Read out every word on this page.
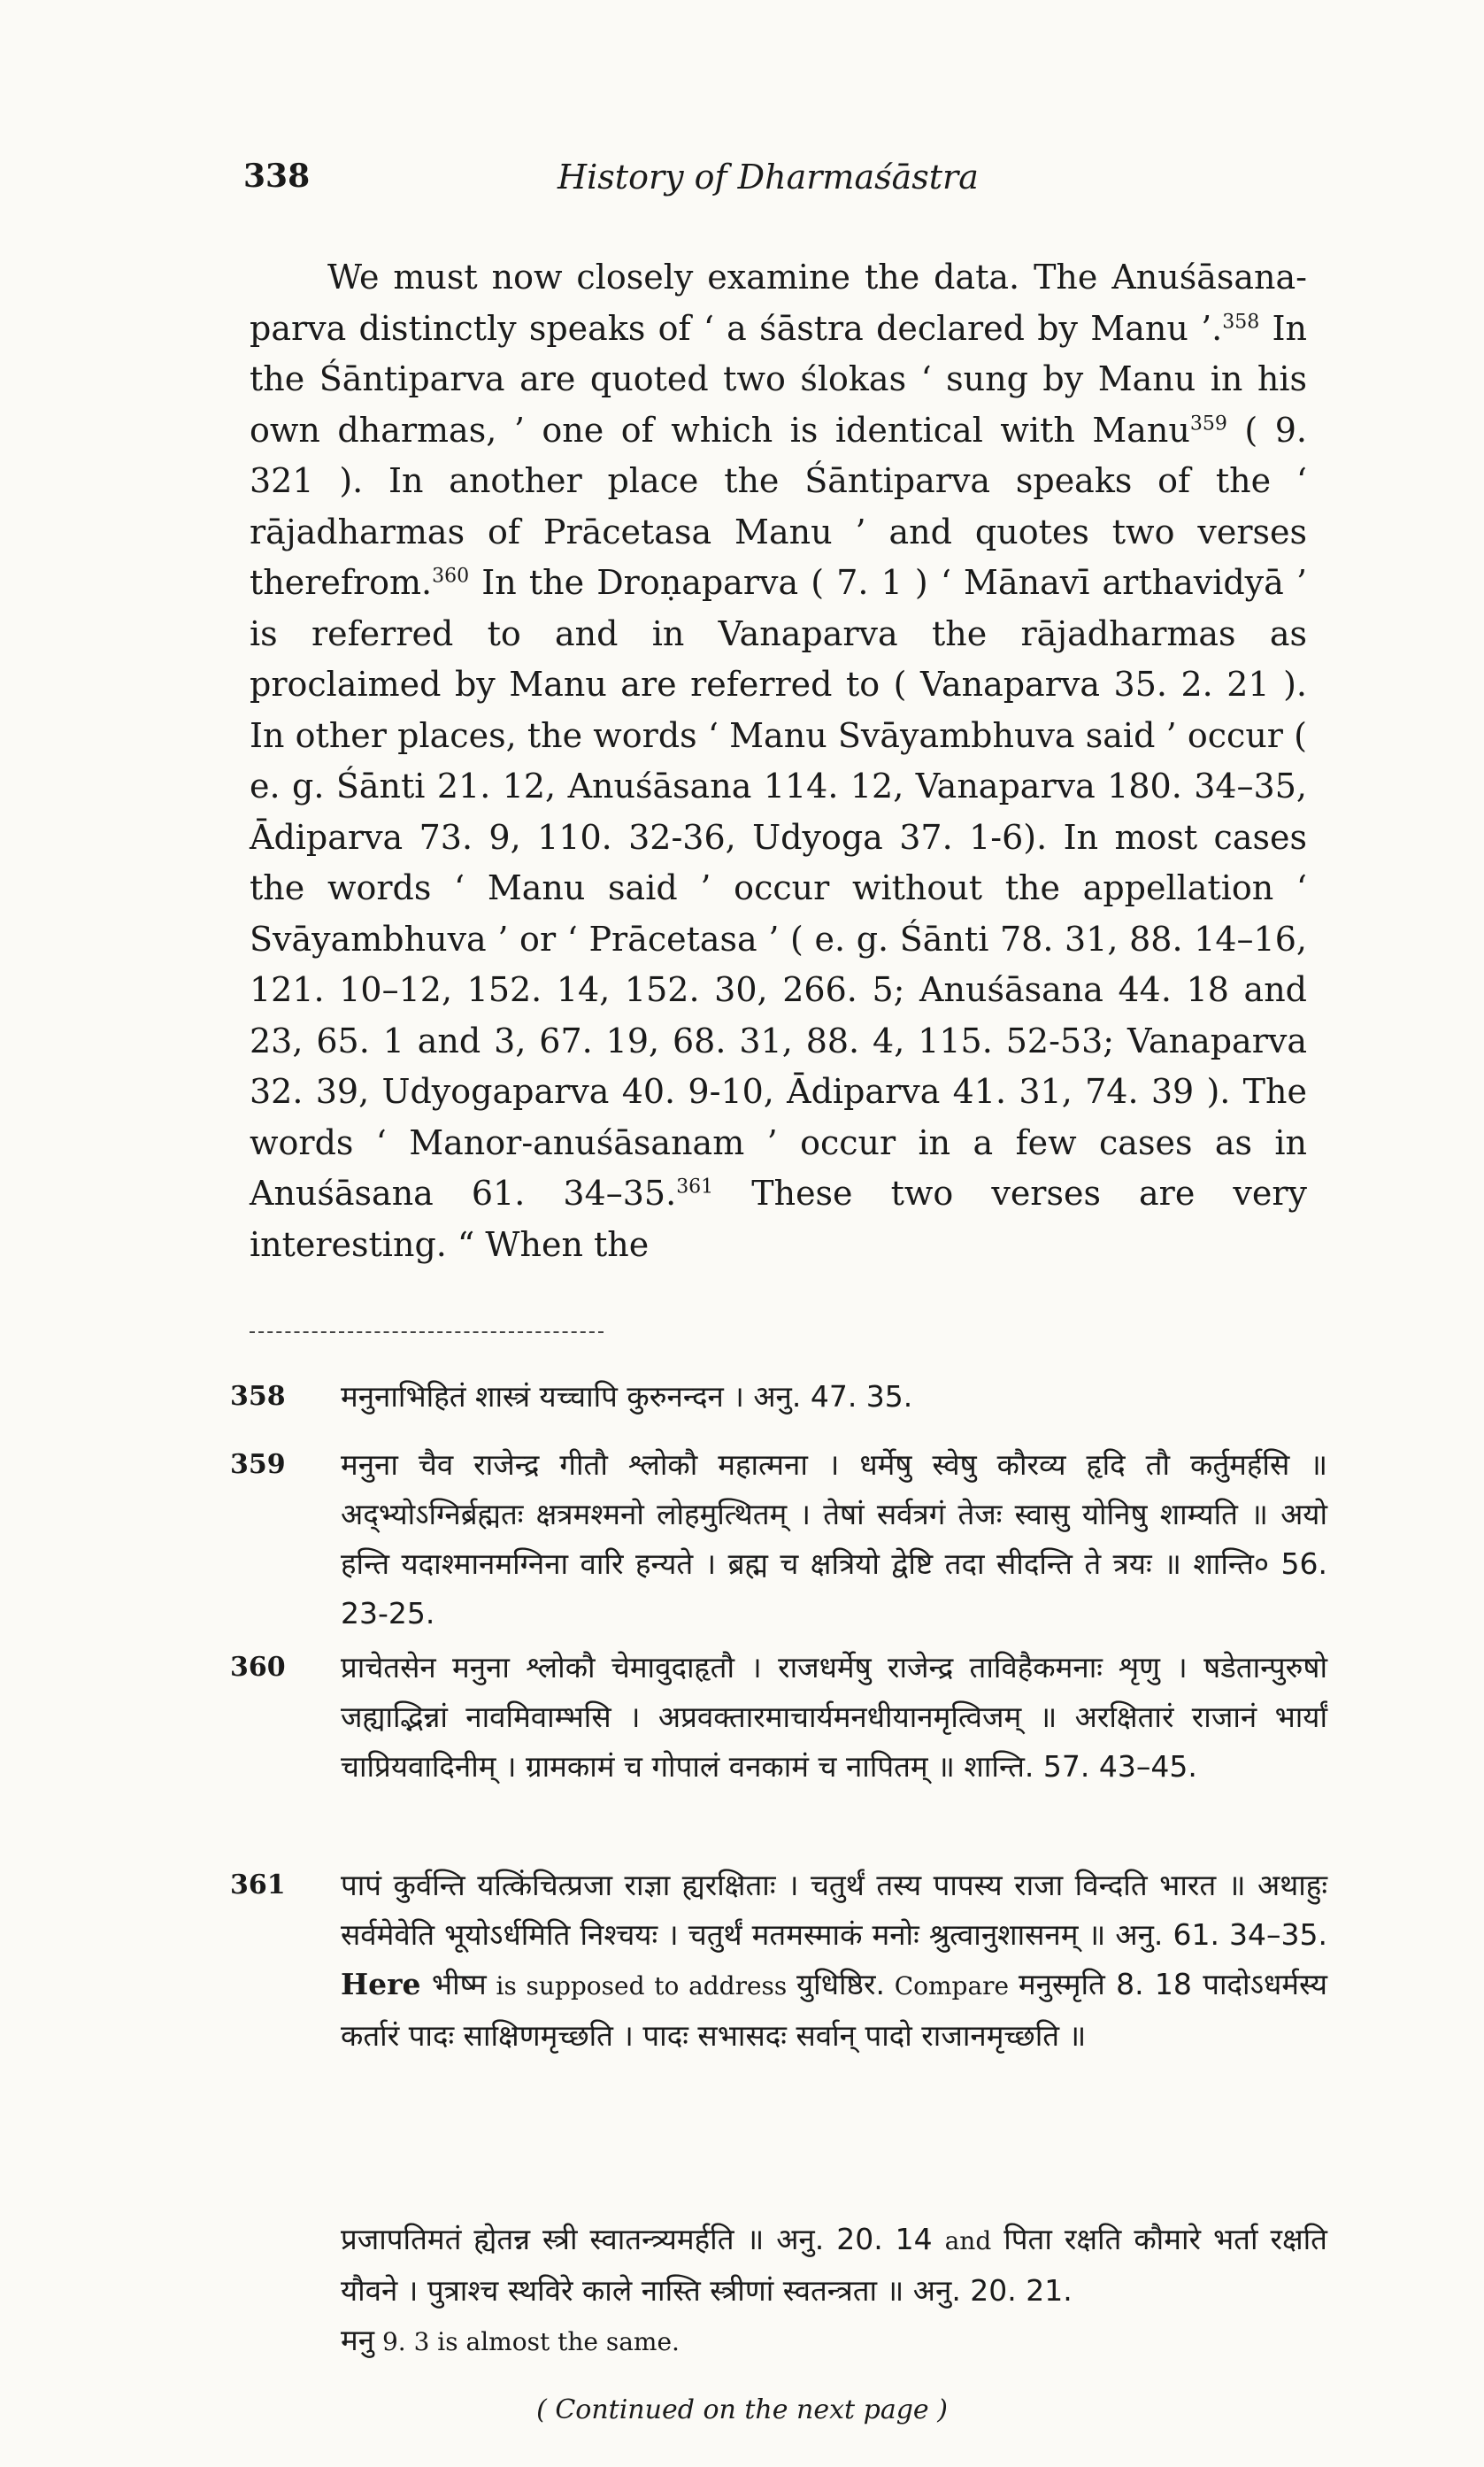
338	History of Dharmaśāstra

We must now closely examine the data. The Anuśāsana-parva distinctly speaks of ‘ a śāstra declared by Manu ’.$^{358}$ In the Śāntiparva are quoted two ślokas ‘ sung by Manu in his own dharmas, ’ one of which is identical with Manu$^{359}$ ( 9. 321 ). In another place the Śāntiparva speaks of the ‘ rājadharmas of Prācetasa Manu ’ and quotes two verses therefrom.$^{360}$ In the Droṇaparva ( 7. 1 ) ‘ Mānavī arthavidyā ’ is referred to and in Vanaparva the rājadharmas as proclaimed by Manu are referred to ( Vanaparva 35. 2. 21 ). In other places, the words ‘ Manu Svāyambhuva said ’ occur ( e. g. Śānti 21. 12, Anuśāsana 114. 12, Vanaparva 180. 34–35, Ādiparva 73. 9, 110. 32-36, Udyoga 37. 1-6). In most cases the words ‘ Manu said ’ occur without the appellation ‘ Svāyambhuva ’ or ‘ Prācetasa ’ ( e. g. Śānti 78. 31, 88. 14–16, 121. 10–12, 152. 14, 152. 30, 266. 5; Anuśāsana 44. 18 and 23, 65. 1 and 3, 67. 19, 68. 31, 88. 4, 115. 52-53; Vanaparva 32. 39, Udyogaparva 40. 9-10, Ādiparva 41. 31, 74. 39 ). The words ‘ Manor-anuśāsanam ’ occur in a few cases as in Anuśāsana 61. 34–35.$^{361}$ These two verses are very interesting. “ When the

358	मनुनाभिहितं शास्त्रं यच्चापि कुरुनन्दन । अनु. 47. 35.
359	मनुना चैव राजेन्द्र गीतौ श्लोकौ महात्मना । धर्मेषु स्वेषु कौरव्य हृदि तौ कर्तुमर्हसि ॥ अद्भ्योऽग्निर्ब्रह्मतः क्षत्रमश्मनो लोहमुत्थितम् । तेषां सर्वत्रगं तेजः स्वासु योनिषु शाम्यति ॥ अयो हन्ति यदाश्मानमग्निना वारि हन्यते । ब्रह्म च क्षत्रियो द्वेष्टि तदा सीदन्ति ते त्रयः ॥ शान्ति० 56. 23-25.
360	प्राचेतसेन मनुना श्लोकौ चेमावुदाहृतौ । राजधर्मेषु राजेन्द्र ताविहैकमनाः शृणु । षडेतान्पुरुषो जह्याद्भिन्नां नावमिवाम्भसि । अप्रवक्तारमाचार्यमनधीयानमृत्विजम् ॥ अरक्षितारं राजानं भार्यां चाप्रियवादिनीम् । ग्रामकामं च गोपालं वनकामं च नापितम् ॥ शान्ति. 57. 43–45.
361	पापं कुर्वन्ति यत्किंचित्प्रजा राज्ञा ह्यरक्षिताः । चतुर्थं तस्य पापस्य राजा विन्दति भारत ॥ अथाहुः सर्वमेवेति भूयोऽर्धमिति निश्चयः । चतुर्थं मतमस्माकं मनोः श्रुत्वानुशासनम् ॥ अनु. 61. 34–35. Here भीष्म is supposed to address युधिष्ठिर. Compare मनुस्मृति 8. 18 पादोऽधर्मस्य कर्तारं पादः साक्षिणमृच्छति । पादः सभासदः सर्वान् पादो राजानमृच्छति ॥
प्रजापतिमतं ह्येतन्न स्त्री स्वातन्त्र्यमर्हति ॥ अनु. 20. 14 and पिता रक्षति कौमारे भर्ता रक्षति यौवने । पुत्राश्च स्थविरे काले नास्ति स्त्रीणां स्वतन्त्रता ॥ अनु. 20. 21.
मनु 9. 3 is almost the same.
( Continued on the next page )
